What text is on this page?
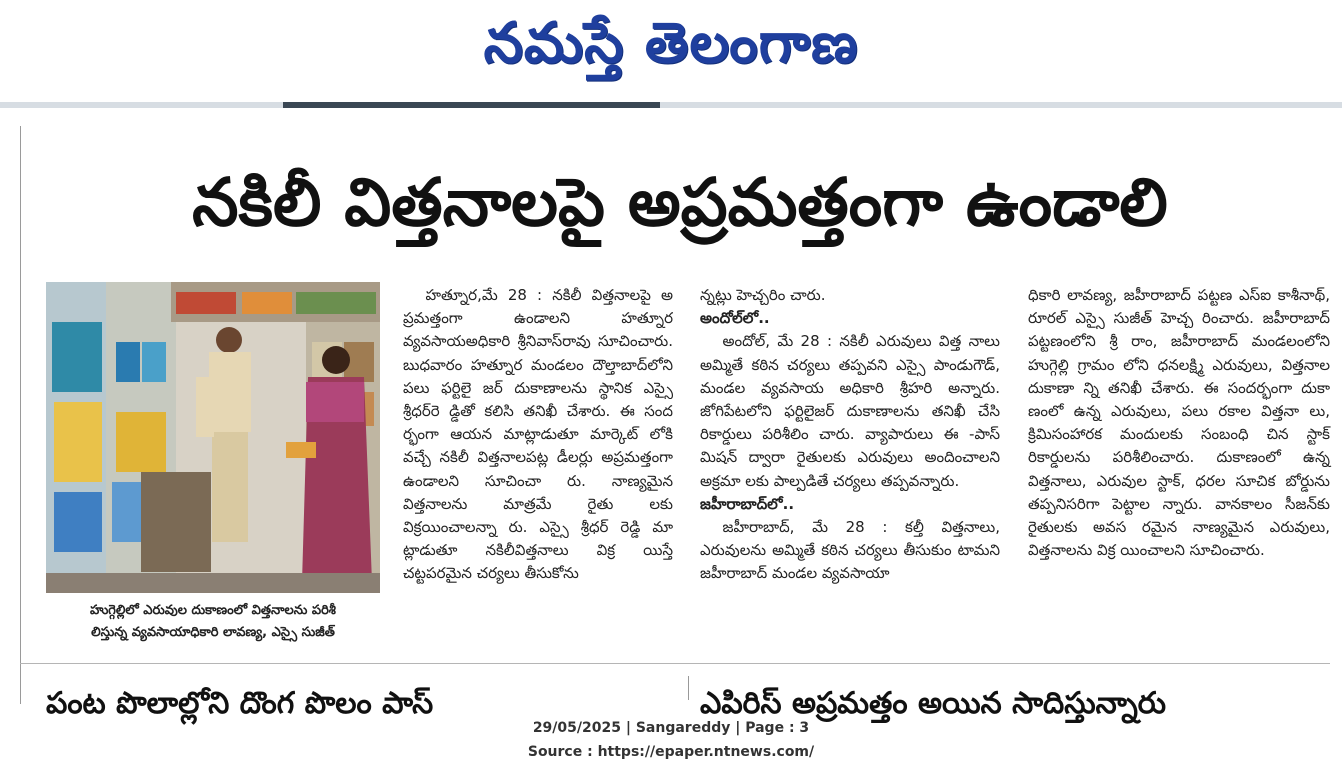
నమస్తే తెలంగాణ
నకిలీ విత్తనాలపై అప్రమత్తంగా ఉండాలి
హుగ్గెల్లిలో ఎరువుల దుకాణంలో విత్తనాలను పరిశీ
లిస్తున్న వ్యవసాయాధికారి లావణ్య, ఎస్సై సుజీత్

హత్నూర,మే 28 : నకిలీ విత్తనాలపై అ ప్రమత్తంగా ఉండాలని హత్నూర వ్యవసాయఅధికారి శ్రీనివాస్‌రావు సూచించారు. బుధవారం హత్నూర మండలం దౌల్తాబాద్‌లోని పలు ఫర్టిలై జర్ దుకాణాలను స్థానిక ఎస్సై శ్రీధర్‌రె డ్డితో కలిసి తనిఖీ చేశారు. ఈ సంద ర్భంగా ఆయన మాట్లాడుతూ మార్కెట్ లోకి వచ్చే నకిలీ విత్తనాలపట్ల డీలర్లు అప్రమత్తంగా ఉండాలని సూచించా రు. నాణ్యమైన విత్తనాలను మాత్రమే రైతు లకు విక్రయించాలన్నా రు. ఎస్సై శ్రీధర్ రెడ్డి మా ట్లాడుతూ నకిలీవిత్తనాలు విక్ర యిస్తే చట్టపరమైన చర్యలు తీసుకోను

న్నట్లు హెచ్చరిం చారు.

అందోల్‌లో..

అందోల్, మే 28 : నకిలీ ఎరువులు విత్త నాలు అమ్మితే కఠిన చర్యలు తప్పవని ఎస్సై పాండుగౌడ్, మండల వ్యవసాయ అధికారి శ్రీహరి అన్నారు. జోగిపేటలోని ఫర్టిలైజర్ దుకాణాలను తనిఖీ చేసి రికార్డులు పరిశీలిం చారు. వ్యాపారులు ఈ -పాస్ మిషన్ ద్వారా రైతులకు ఎరువులు అందించాలని అక్రమా లకు పాల్పడితే చర్యలు తప్పవన్నారు.

జహీరాబాద్‌లో..

జహీరాబాద్, మే 28 : కల్తీ విత్తనాలు, ఎరువులను అమ్మితే కఠిన చర్యలు తీసుకుం టామని జహీరాబాద్ మండల వ్యవసాయా

ధికారి లావణ్య, జహీరాబాద్ పట్టణ ఎస్ఐ కాశీనాథ్, రూరల్ ఎస్సై సుజీత్ హెచ్చ రించారు. జహీరాబాద్ పట్టణంలోని శ్రీ రాం, జహీరాబాద్ మండలంలోని హుగ్గెల్లి గ్రామం లోని ధనలక్ష్మి ఎరువులు, విత్తనాల దుకాణా న్ని తనిఖీ చేశారు. ఈ సందర్భంగా దుకా ణంలో ఉన్న ఎరువులు, పలు రకాల విత్తనా లు, క్రిమిసంహారక మందులకు సంబంధి చిన స్టాక్ రికార్డులను పరిశీలించారు. దుకాణంలో ఉన్న విత్తనాలు, ఎరువుల స్టాక్, ధరల సూచిక బోర్డును తప్పనిసరిగా పెట్టాల న్నారు. వానకాలం సీజన్‌కు రైతులకు అవస రమైన నాణ్యమైన ఎరువులు, విత్తనాలను విక్ర యించాలని సూచించారు.

పంట పొలాల్లోని దొంగ పొలం పాస్	ఎపిరిస్ అప్రమత్తం అయిన సాదిస్తున్నారు
29/05/2025 | Sangareddy | Page : 3
Source : https://epaper.ntnews.com/
